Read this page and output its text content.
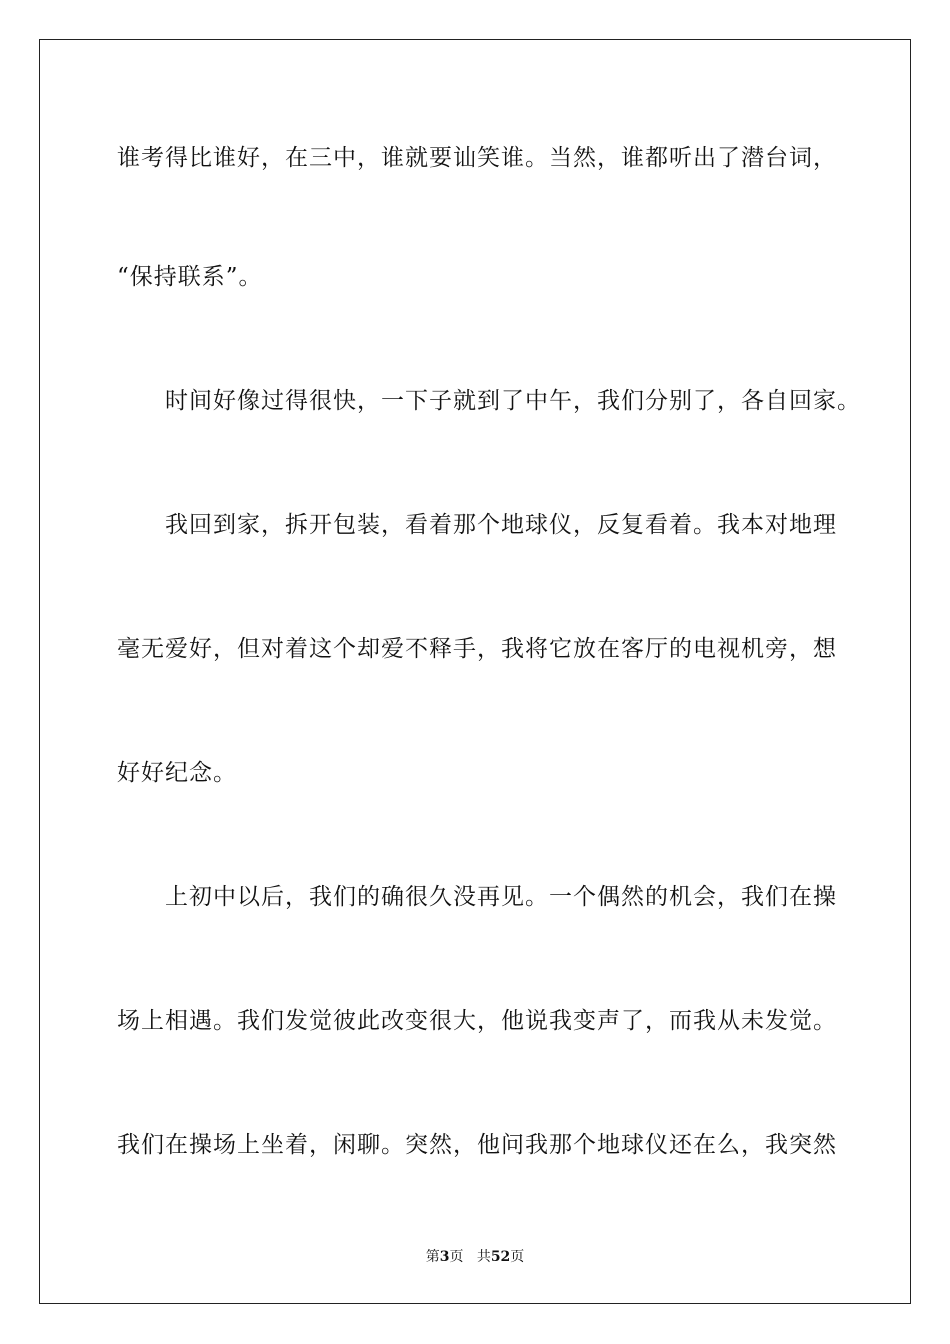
谁考得比谁好，在三中，谁就要讪笑谁。当然，谁都听出了潜台词，
“保持联系”。
时间好像过得很快，一下子就到了中午，我们分别了，各自回家。
我回到家，拆开包装，看着那个地球仪，反复看着。我本对地理
毫无爱好，但对着这个却爱不释手，我将它放在客厅的电视机旁，想
好好纪念。
上初中以后，我们的确很久没再见。一个偶然的机会，我们在操
场上相遇。我们发觉彼此改变很大，他说我变声了，而我从未发觉。
我们在操场上坐着，闲聊。突然，他问我那个地球仪还在么，我突然
第3页 共52页
